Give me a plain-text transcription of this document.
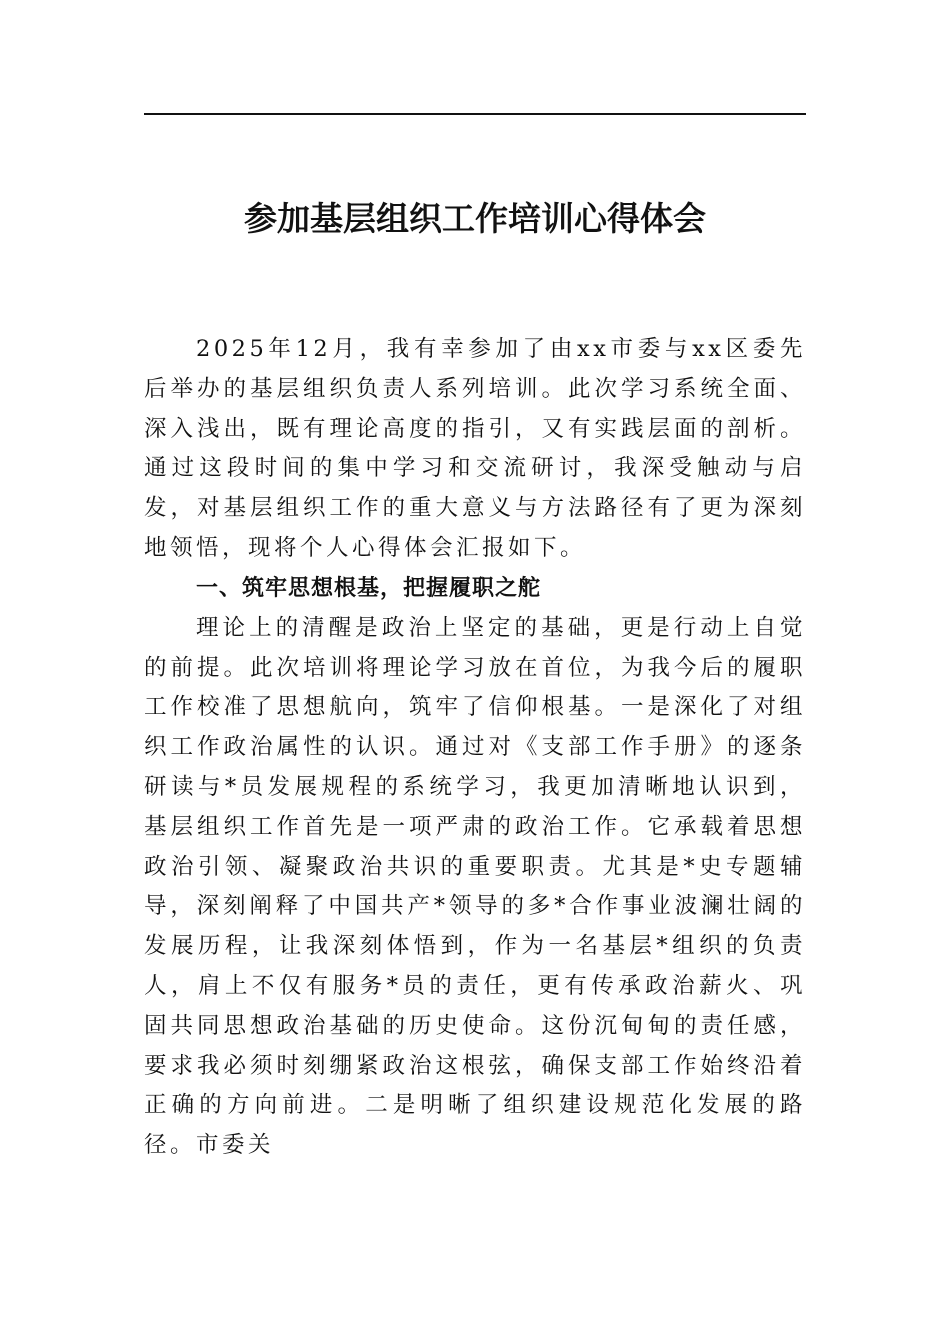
参加基层组织工作培训心得体会

2025年12月，我有幸参加了由xx市委与xx区委先后举办的基层组织负责人系列培训。此次学习系统全面、深入浅出，既有理论高度的指引，又有实践层面的剖析。通过这段时间的集中学习和交流研讨，我深受触动与启发，对基层组织工作的重大意义与方法路径有了更为深刻地领悟，现将个人心得体会汇报如下。

一、筑牢思想根基，把握履职之舵

理论上的清醒是政治上坚定的基础，更是行动上自觉的前提。此次培训将理论学习放在首位，为我今后的履职工作校准了思想航向，筑牢了信仰根基。一是深化了对组织工作政治属性的认识。通过对《支部工作手册》的逐条研读与*员发展规程的系统学习，我更加清晰地认识到，基层组织工作首先是一项严肃的政治工作。它承载着思想政治引领、凝聚政治共识的重要职责。尤其是*史专题辅导，深刻阐释了中国共产*领导的多*合作事业波澜壮阔的发展历程，让我深刻体悟到，作为一名基层*组织的负责人，肩上不仅有服务*员的责任，更有传承政治薪火、巩固共同思想政治基础的历史使命。这份沉甸甸的责任感，要求我必须时刻绷紧政治这根弦，确保支部工作始终沿着正确的方向前进。二是明晰了组织建设规范化发展的路径。市委关
